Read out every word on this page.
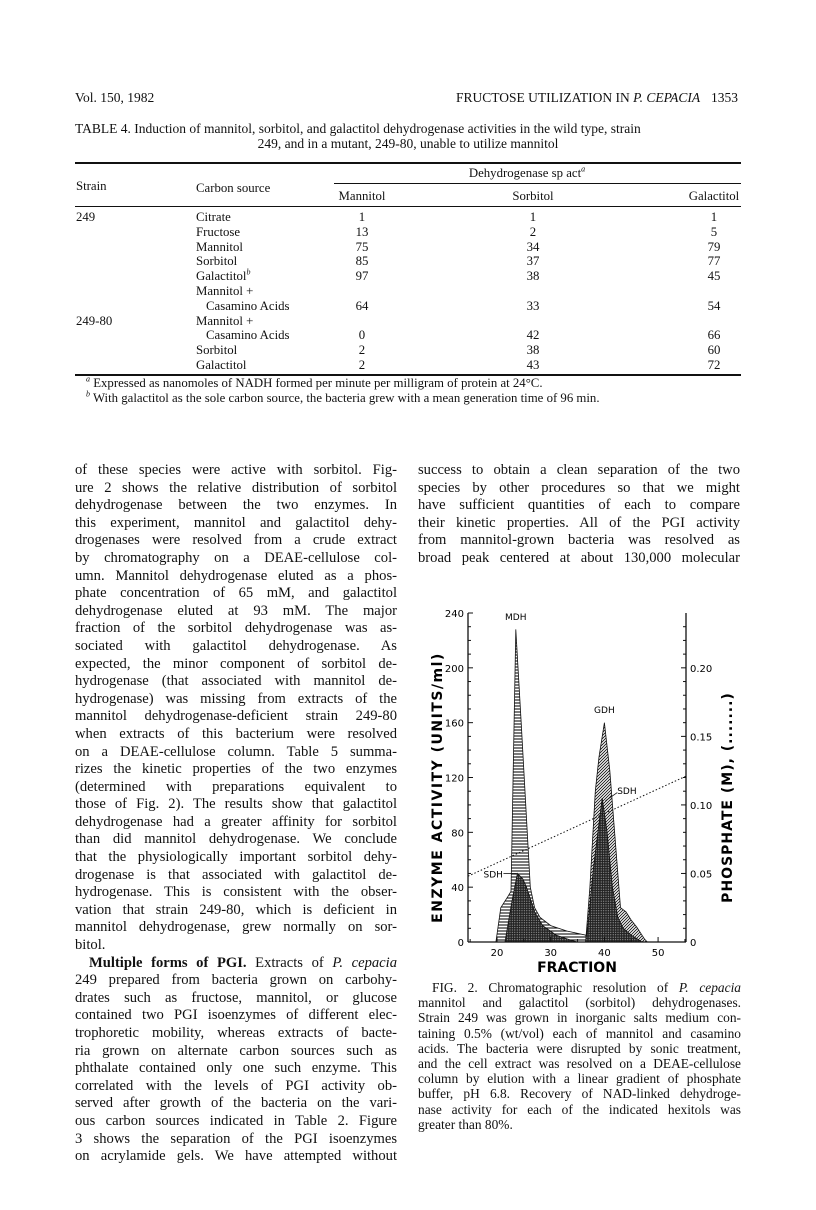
Vol. 150, 1982	FRUCTOSE UTILIZATION IN P. CEPACIA 1353
TABLE 4. Induction of mannitol, sorbitol, and galactitol dehydrogenase activities in the wild type, strain
249, and in a mutant, 249-80, unable to utilize mannitol
Strain	Carbon source
Dehydrogenase sp act$^a$
Mannitol	Sorbitol	Galactitol
249	Citrate	1	1	1
Fructose	13	2	5
Mannitol	75	34	79
Sorbitol	85	37	77
Galactitol$^b$	97	38	45
Mannitol +
Casamino Acids	64	33	54
249-80	Mannitol +
Casamino Acids	0	42	66
Sorbitol	2	38	60
Galactitol	2	43	72
$^a$ Expressed as nanomoles of NADH formed per minute per milligram of protein at 24°C.
$^b$ With galactitol as the sole carbon source, the bacteria grew with a mean generation time of 96 min.
of these species were active with sorbitol. Fig-
ure 2 shows the relative distribution of sorbitol
dehydrogenase between the two enzymes. In
this experiment, mannitol and galactitol dehy-
drogenases were resolved from a crude extract
by chromatography on a DEAE-cellulose col-
umn. Mannitol dehydrogenase eluted as a phos-
phate concentration of 65 mM, and galactitol
dehydrogenase eluted at 93 mM. The major
fraction of the sorbitol dehydrogenase was as-
sociated with galactitol dehydrogenase. As
expected, the minor component of sorbitol de-
hydrogenase (that associated with mannitol de-
hydrogenase) was missing from extracts of the
mannitol dehydrogenase-deficient strain 249-80
when extracts of this bacterium were resolved
on a DEAE-cellulose column. Table 5 summa-
rizes the kinetic properties of the two enzymes
(determined with preparations equivalent to
those of Fig. 2). The results show that galactitol
dehydrogenase had a greater affinity for sorbitol
than did mannitol dehydrogenase. We conclude
that the physiologically important sorbitol dehy-
drogenase is that associated with galactitol de-
hydrogenase. This is consistent with the obser-
vation that strain 249-80, which is deficient in
mannitol dehydrogenase, grew normally on sor-
bitol.
Multiple forms of PGI. Extracts of P. cepacia
249 prepared from bacteria grown on carbohy-
drates such as fructose, mannitol, or glucose
contained two PGI isoenzymes of different elec-
trophoretic mobility, whereas extracts of bacte-
ria grown on alternate carbon sources such as
phthalate contained only one such enzyme. This
correlated with the levels of PGI activity ob-
served after growth of the bacteria on the vari-
ous carbon sources indicated in Table 2. Figure
3 shows the separation of the PGI isoenzymes
on acrylamide gels. We have attempted without
success to obtain a clean separation of the two
species by other procedures so that we might
have sufficient quantities of each to compare
their kinetic properties. All of the PGI activity
from mannitol-grown bacteria was resolved as
broad peak centered at about 130,000 molecular
0
40
80
120
160
200
240
0
0.05
0.10
0.15
0.20
20	30	40	50
FRACTION
ENZYME ACTIVITY (UNITS/ml)	PHOSPHATE (M), (.......)
MDH
GDH
SDH
SDH
FIG. 2. Chromatographic resolution of P. cepacia
mannitol and galactitol (sorbitol) dehydrogenases.
Strain 249 was grown in inorganic salts medium con-
taining 0.5% (wt/vol) each of mannitol and casamino
acids. The bacteria were disrupted by sonic treatment,
and the cell extract was resolved on a DEAE-cellulose
column by elution with a linear gradient of phosphate
buffer, pH 6.8. Recovery of NAD-linked dehydroge-
nase activity for each of the indicated hexitols was
greater than 80%.
